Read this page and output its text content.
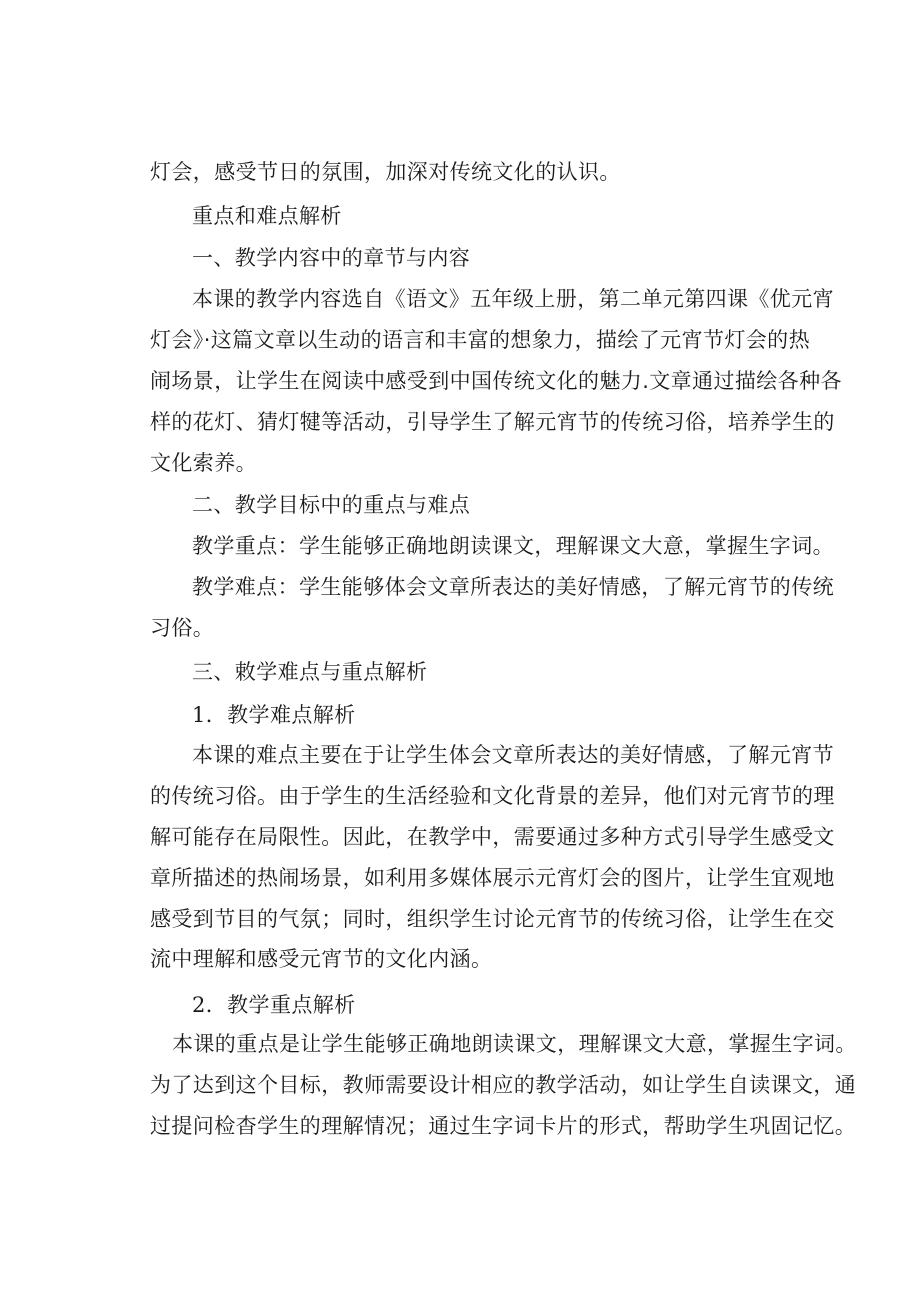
灯会，感受节日的氛围，加深对传统文化的认识。
重点和难点解析
一、教学内容中的章节与内容
本课的教学内容选自《语文》五年级上册，第二单元第四课《优元宵
灯会》·这篇文章以生动的语言和丰富的想象力，描绘了元宵节灯会的热
闹场景，让学生在阅读中感受到中国传统文化的魅力.文章通过描绘各种各
样的花灯、猜灯犍等活动，引导学生了解元宵节的传统习俗，培养学生的
文化索养。
二、教学目标中的重点与难点
教学重点：学生能够正确地朗读课文，理解课文大意，掌握生字词。
教学难点：学生能够体会文章所表达的美好情感，了解元宵节的传统
习俗。
三、敕学难点与重点解析
1．教学难点解析
本课的难点主要在于让学生体会文章所表达的美好情感，了解元宵节
的传统习俗。由于学生的生活经验和文化背景的差异，他们对元宵节的理
解可能存在局限性。因此，在教学中，需要通过多种方式引导学生感受文
章所描述的热闹场景，如利用多媒体展示元宵灯会的图片，让学生宜观地
感受到节目的气氛；同时，组织学生讨论元宵节的传统习俗，让学生在交
流中理解和感受元宵节的文化内涵。
2．教学重点解析
本课的重点是让学生能够正确地朗读课文，理解课文大意，掌握生字词。
为了达到这个目标，教师需要设计相应的教学活动，如让学生自读课文，通
过提问检杳学生的理解情况；通过生字词卡片的形式，帮助学生巩固记忆。
